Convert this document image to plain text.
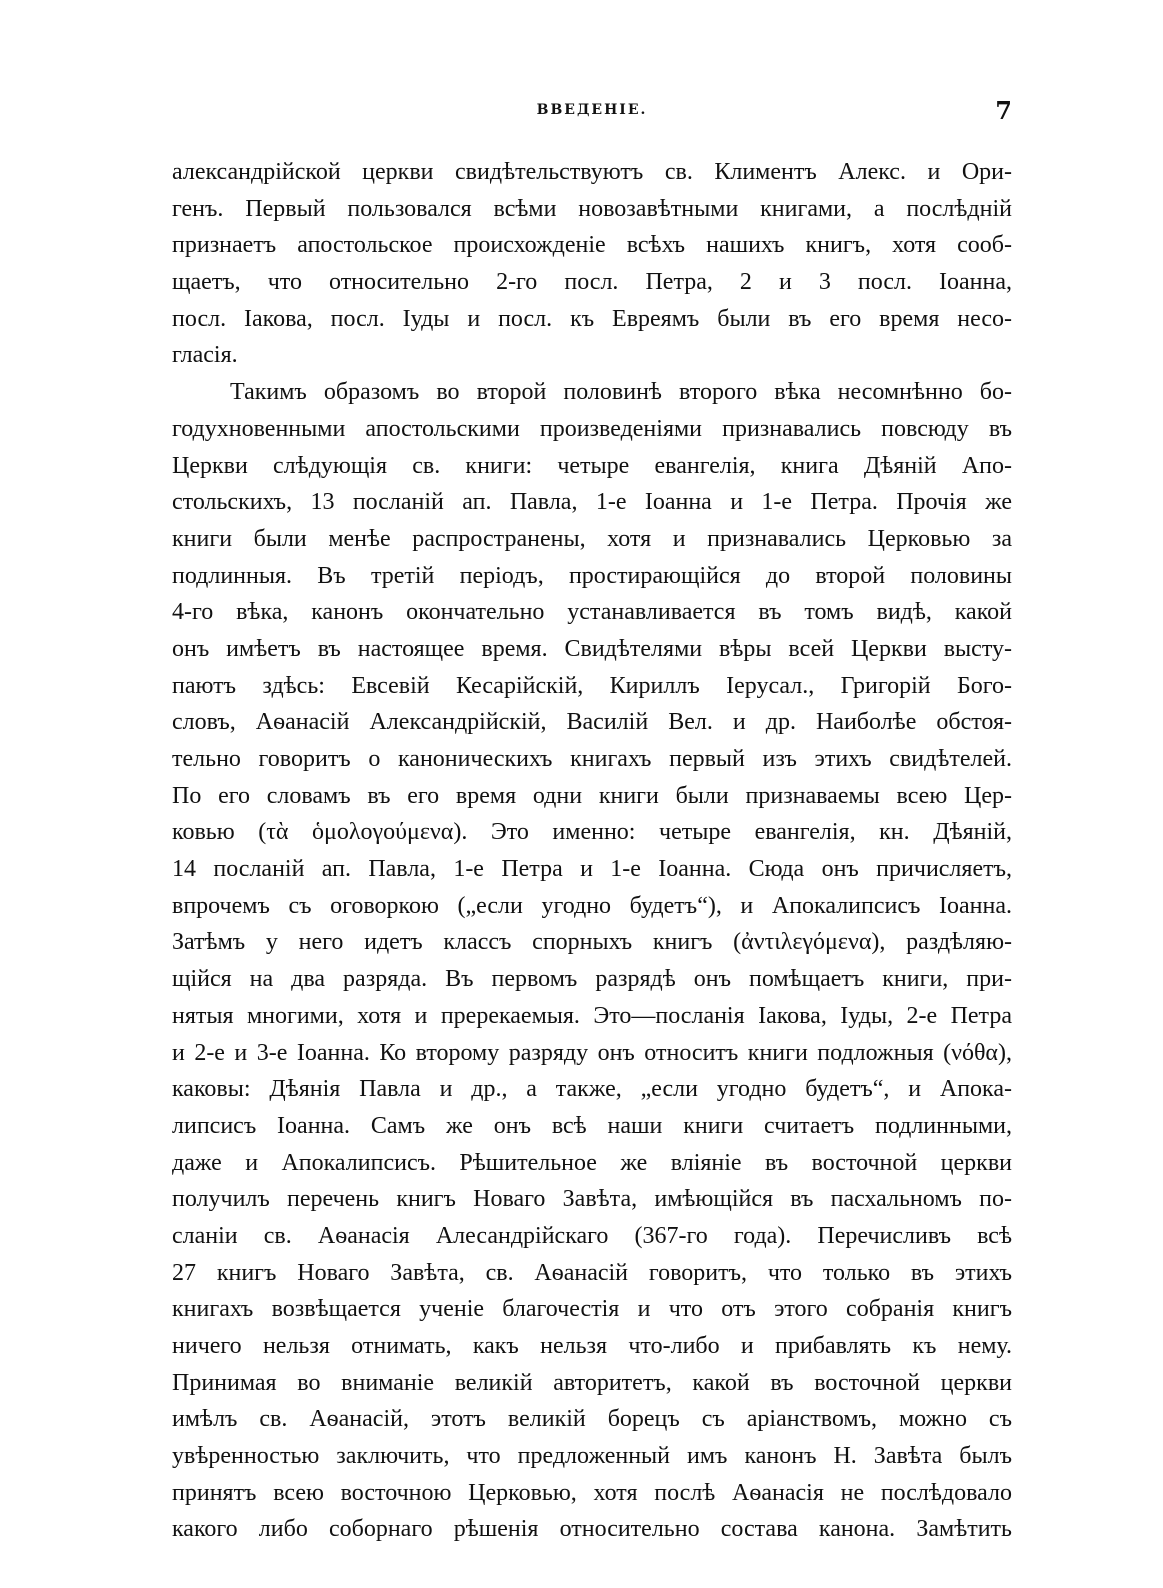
ВВЕДЕНІЕ.	7
александрійской церкви свидѣтельствуютъ св. Климентъ Алекс. и Ори-
генъ. Первый пользовался всѣми новозавѣтными книгами, а послѣдній
признаетъ апостольское происхожденіе всѣхъ нашихъ книгъ, хотя сооб-
щаетъ, что относительно 2-го посл. Петра, 2 и 3 посл. Іоанна,
посл. Іакова, посл. Іуды и посл. къ Евреямъ были въ его время несо-
гласія.
Такимъ образомъ во второй половинѣ второго вѣка несомнѣнно бо-
годухновенными апостольскими произведеніями признавались повсюду въ
Церкви слѣдующія св. книги: четыре евангелія, книга Дѣяній Апо-
стольскихъ, 13 посланій ап. Павла, 1-е Іоанна и 1-е Петра. Прочія же
книги были менѣе распространены, хотя и признавались Церковью за
подлинныя. Въ третій періодъ, простирающійся до второй половины
4-го вѣка, канонъ окончательно устанавливается въ томъ видѣ, какой
онъ имѣетъ въ настоящее время. Свидѣтелями вѣры всей Церкви высту-
паютъ здѣсь: Евсевій Кесарійскій, Кириллъ Іерусал., Григорій Бого-
словъ, Аѳанасій Александрійскій, Василій Вел. и др. Наиболѣе обстоя-
тельно говоритъ о каноническихъ книгахъ первый изъ этихъ свидѣтелей.
По его словамъ въ его время одни книги были признаваемы всею Цер-
ковью (τὰ ὁμολογούμενα). Это именно: четыре евангелія, кн. Дѣяній,
14 посланій ап. Павла, 1-е Петра и 1-е Іоанна. Сюда онъ причисляетъ,
впрочемъ съ оговоркою („если угодно будетъ“), и Апокалипсисъ Іоанна.
Затѣмъ у него идетъ классъ спорныхъ книгъ (ἀντιλεγόμενα), раздѣляю-
щійся на два разряда. Въ первомъ разрядѣ онъ помѣщаетъ книги, при-
нятыя многими, хотя и пререкаемыя. Это—посланія Іакова, Іуды, 2-е Петра
и 2-е и 3-е Іоанна. Ко второму разряду онъ относитъ книги подложныя (νόθα),
каковы: Дѣянія Павла и др., а также, „если угодно будетъ“, и Апока-
липсисъ Іоанна. Самъ же онъ всѣ наши книги считаетъ подлинными,
даже и Апокалипсисъ. Рѣшительное же вліяніе въ восточной церкви
получилъ перечень книгъ Новаго Завѣта, имѣющійся въ пасхальномъ по-
сланіи св. Аѳанасія Алесандрійскаго (367-го года). Перечисливъ всѣ
27 книгъ Новаго Завѣта, св. Аѳанасій говоритъ, что только въ этихъ
книгахъ возвѣщается ученіе благочестія и что отъ этого собранія книгъ
ничего нельзя отнимать, какъ нельзя что-либо и прибавлять къ нему.
Принимая во вниманіе великій авторитетъ, какой въ восточной церкви
имѣлъ св. Аѳанасій, этотъ великій борецъ съ аріанствомъ, можно съ
увѣренностью заключить, что предложенный имъ канонъ Н. Завѣта былъ
принятъ всею восточною Церковью, хотя послѣ Аѳанасія не послѣдовало
какого либо соборнаго рѣшенія относительно состава канона. Замѣтить
